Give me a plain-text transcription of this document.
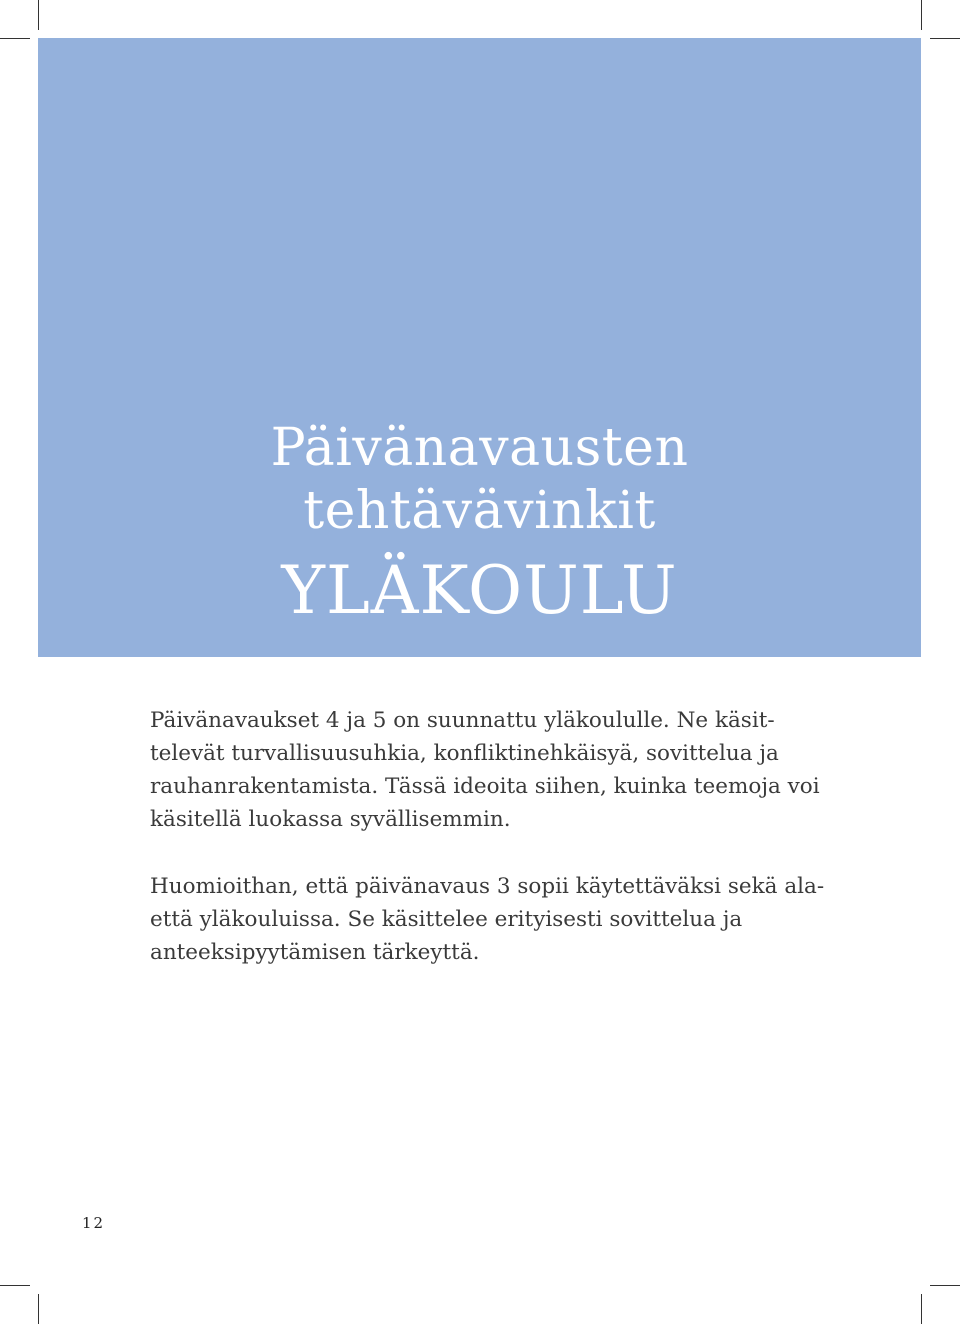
Päivänavausten
tehtävävinkit
YLÄKOULU

Päivänavaukset 4 ja 5 on suunnattu yläkoululle. Ne käsit-televät turvallisuusuhkia, konfliktinehkäisyä, sovittelua ja rauhanrakentamista. Tässä ideoita siihen, kuinka teemoja voi käsitellä luokassa syvällisemmin.

Huomioithan, että päivänavaus 3 sopii käytettäväksi sekä ala- että yläkouluissa. Se käsittelee erityisesti sovittelua ja anteeksipyytämisen tärkeyttä.

12
